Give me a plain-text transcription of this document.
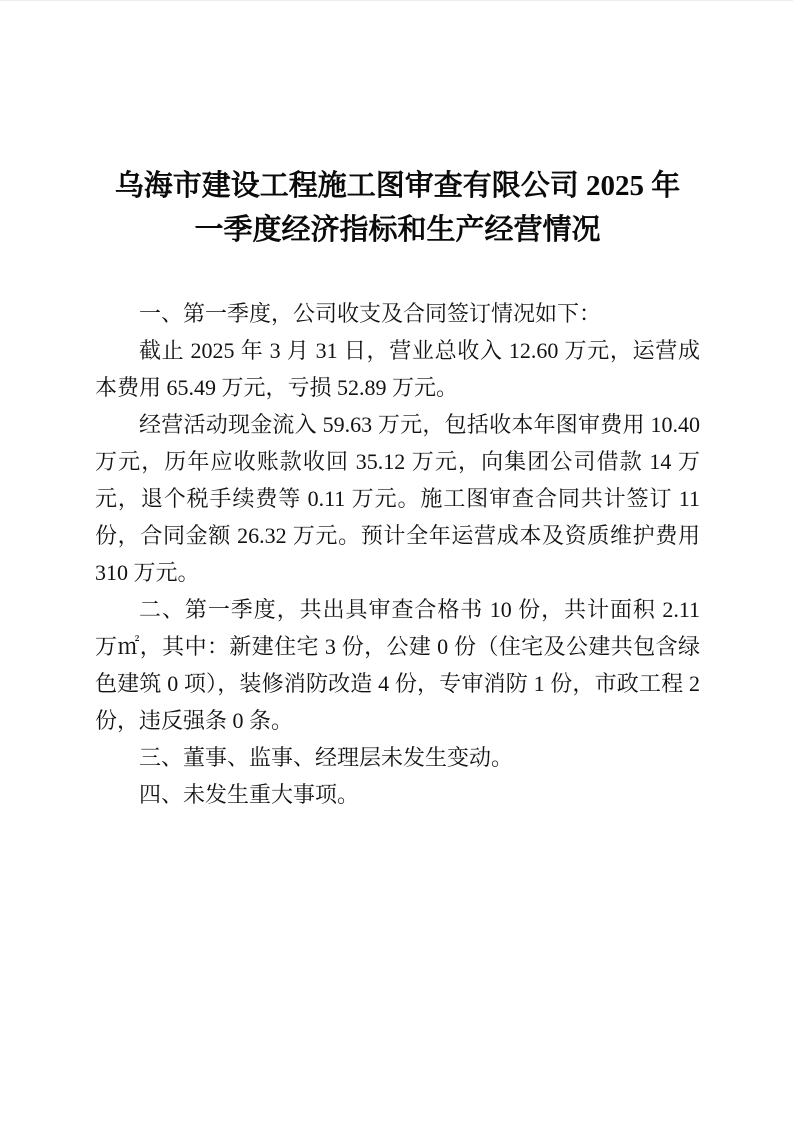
乌海市建设工程施工图审查有限公司 2025 年
一季度经济指标和生产经营情况

一、第一季度，公司收支及合同签订情况如下：

截止 2025 年 3 月 31 日，营业总收入 12.60 万元，运营成本费用 65.49 万元，亏损 52.89 万元。

经营活动现金流入 59.63 万元，包括收本年图审费用 10.40 万元，历年应收账款收回 35.12 万元，向集团公司借款 14 万元，退个税手续费等 0.11 万元。施工图审查合同共计签订 11 份，合同金额 26.32 万元。预计全年运营成本及资质维护费用 310 万元。

二、第一季度，共出具审查合格书 10 份，共计面积 2.11 万㎡，其中：新建住宅 3 份，公建 0 份（住宅及公建共包含绿色建筑 0 项），装修消防改造 4 份，专审消防 1 份，市政工程 2 份，违反强条 0 条。

三、董事、监事、经理层未发生变动。

四、未发生重大事项。
